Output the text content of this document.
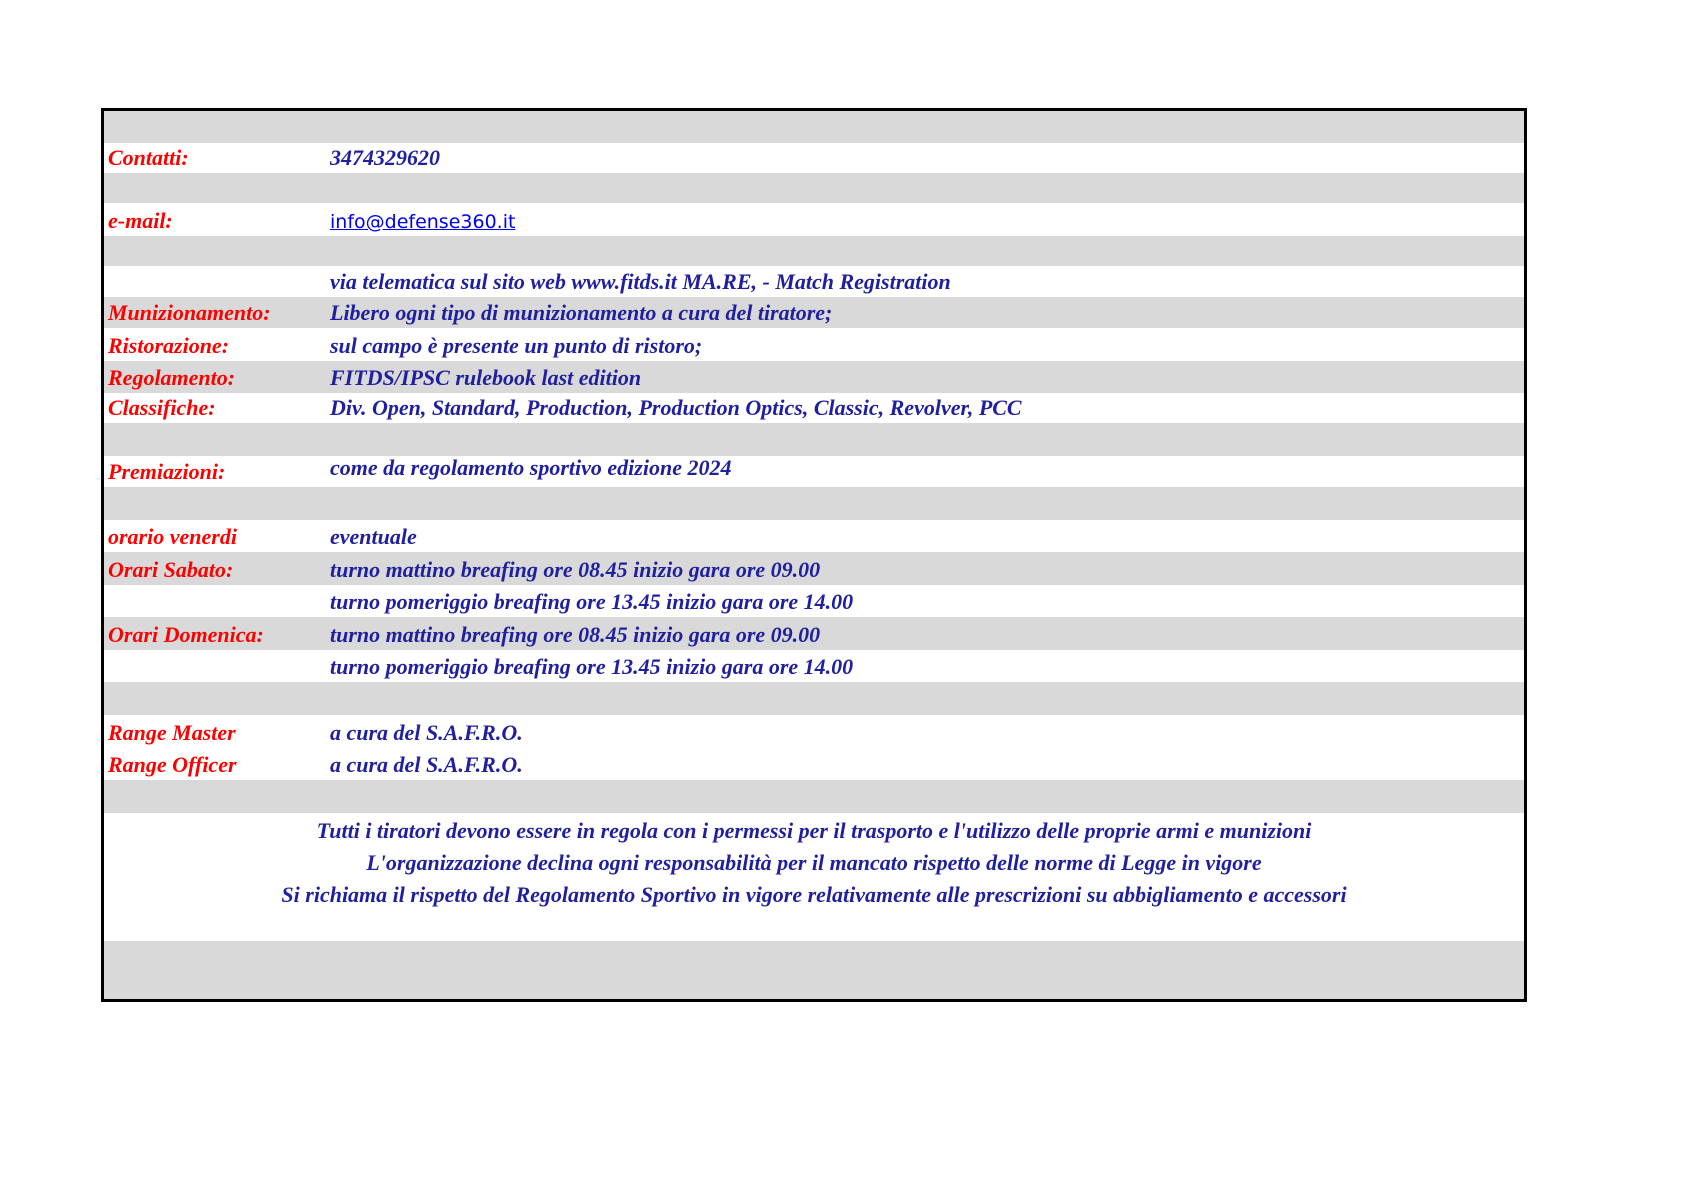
Contatti:	3474329620
e-mail:	info@defense360.it
via telematica sul sito web www.fitds.it MA.RE, - Match Registration
Munizionamento:	Libero ogni tipo di munizionamento a cura del tiratore;
Ristorazione:	sul campo è presente un punto di ristoro;
Regolamento:	FITDS/IPSC rulebook last edition
Classifiche:	Div. Open, Standard, Production, Production Optics, Classic, Revolver, PCC
Premiazioni:	come da regolamento sportivo edizione 2024
orario venerdi	eventuale
Orari Sabato:	turno mattino breafing ore 08.45 inizio gara ore 09.00
turno pomeriggio breafing ore 13.45 inizio gara ore 14.00
Orari Domenica:	turno mattino breafing ore 08.45 inizio gara ore 09.00
turno pomeriggio breafing ore 13.45 inizio gara ore 14.00
Range Master	a cura del S.A.F.R.O.
Range Officer	a cura del S.A.F.R.O.
Tutti i tiratori devono essere in regola con i permessi per il trasporto e l'utilizzo delle proprie armi e munizioni
L'organizzazione declina ogni responsabilità per il mancato rispetto delle norme di Legge in vigore
Si richiama il rispetto del Regolamento Sportivo in vigore relativamente alle prescrizioni su abbigliamento e accessori
